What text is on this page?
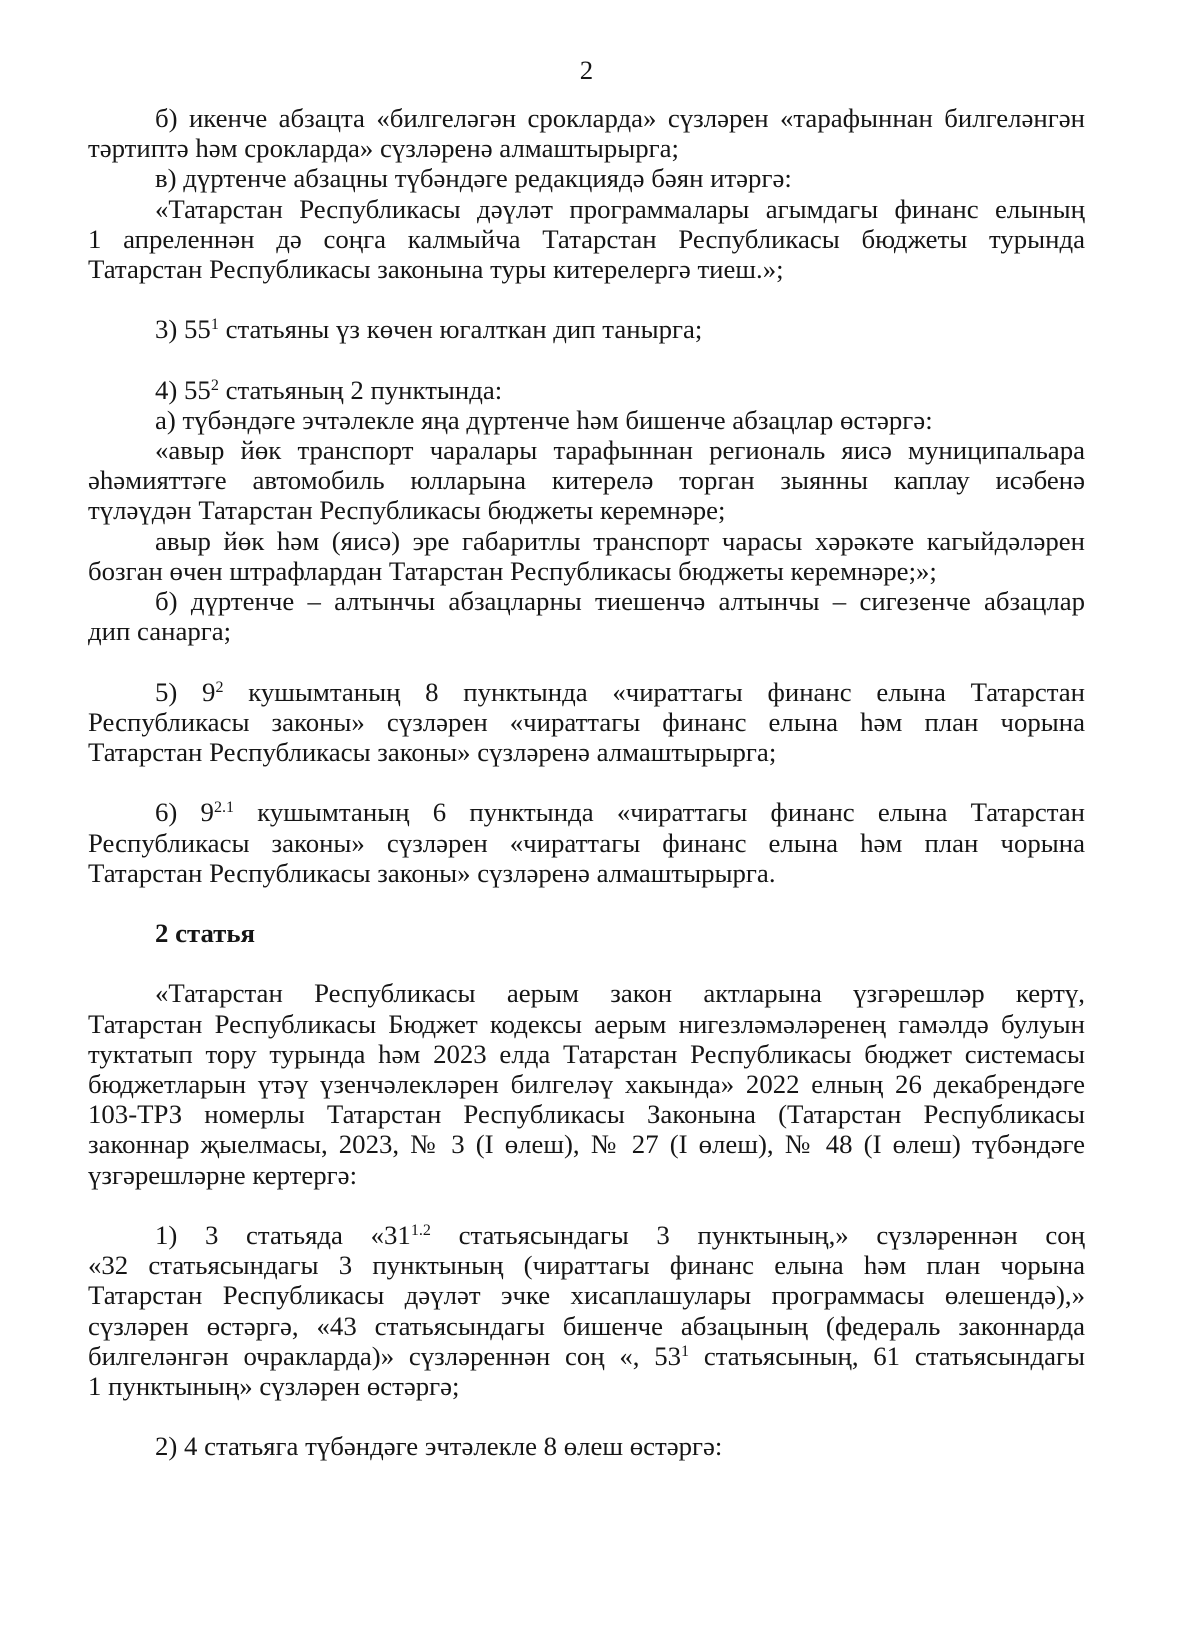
2
б) икенче абзацта «билгеләгән срокларда» сүзләрен «тарафыннан билгеләнгән
тәртиптә һәм срокларда» сүзләренә алмаштырырга;
в) дүртенче абзацны түбәндәге редакциядә бәян итәргә:
«Татарстан Республикасы дәүләт программалары агымдагы финанс елының
1 апреленнән дә соңга калмыйча Татарстан Республикасы бюджеты турында
Татарстан Республикасы законына туры китерелергә тиеш.»;
3) $55^1$ статьяны үз көчен югалткан дип танырга;
4) $55^2$ статьяның 2 пунктында:
а) түбәндәге эчтәлекле яңа дүртенче һәм бишенче абзацлар өстәргә:
«авыр йөк транспорт чаралары тарафыннан региональ яисә муниципальара
әһәмияттәге автомобиль юлларына китерелә торган зыянны каплау исәбенә
түләүдән Татарстан Республикасы бюджеты керемнәре;
авыр йөк һәм (яисә) эре габаритлы транспорт чарасы хәрәкәте кагыйдәләрен
бозган өчен штрафлардан Татарстан Республикасы бюджеты керемнәре;»;
б) дүртенче – алтынчы абзацларны тиешенчә алтынчы – сигезенче абзацлар
дип санарга;
5) $9^2$ кушымтаның 8 пунктында «чираттагы финанс елына Татарстан
Республикасы законы» сүзләрен «чираттагы финанс елына һәм план чорына
Татарстан Республикасы законы» сүзләренә алмаштырырга;
6) $9^{2.1}$ кушымтаның 6 пунктында «чираттагы финанс елына Татарстан
Республикасы законы» сүзләрен «чираттагы финанс елына һәм план чорына
Татарстан Республикасы законы» сүзләренә алмаштырырга.
2 статья
«Татарстан Республикасы аерым закон актларына үзгәрешләр кертү,
Татарстан Республикасы Бюджет кодексы аерым нигезләмәләренең гамәлдә булуын
туктатып тору турында һәм 2023 елда Татарстан Республикасы бюджет системасы
бюджетларын үтәү үзенчәлекләрен билгеләү хакында» 2022 елның 26 декабрендәге
103-ТРЗ номерлы Татарстан Республикасы Законына (Татарстан Республикасы
законнар җыелмасы, 2023, № 3 (I өлеш), № 27 (I өлеш), № 48 (I өлеш) түбәндәге
үзгәрешләрне кертергә:
1) 3 статьяда «$31^{1.2}$ статьясындагы 3 пунктының,» сүзләреннән соң
«32 статьясындагы 3 пунктының (чираттагы финанс елына һәм план чорына
Татарстан Республикасы дәүләт эчке хисаплашулары программасы өлешендә),»
сүзләрен өстәргә, «43 статьясындагы бишенче абзацының (федераль законнарда
билгеләнгән очракларда)» сүзләреннән соң «, $53^1$ статьясының, 61 статьясындагы
1 пунктының» сүзләрен өстәргә;
2) 4 статьяга түбәндәге эчтәлекле 8 өлеш өстәргә:
